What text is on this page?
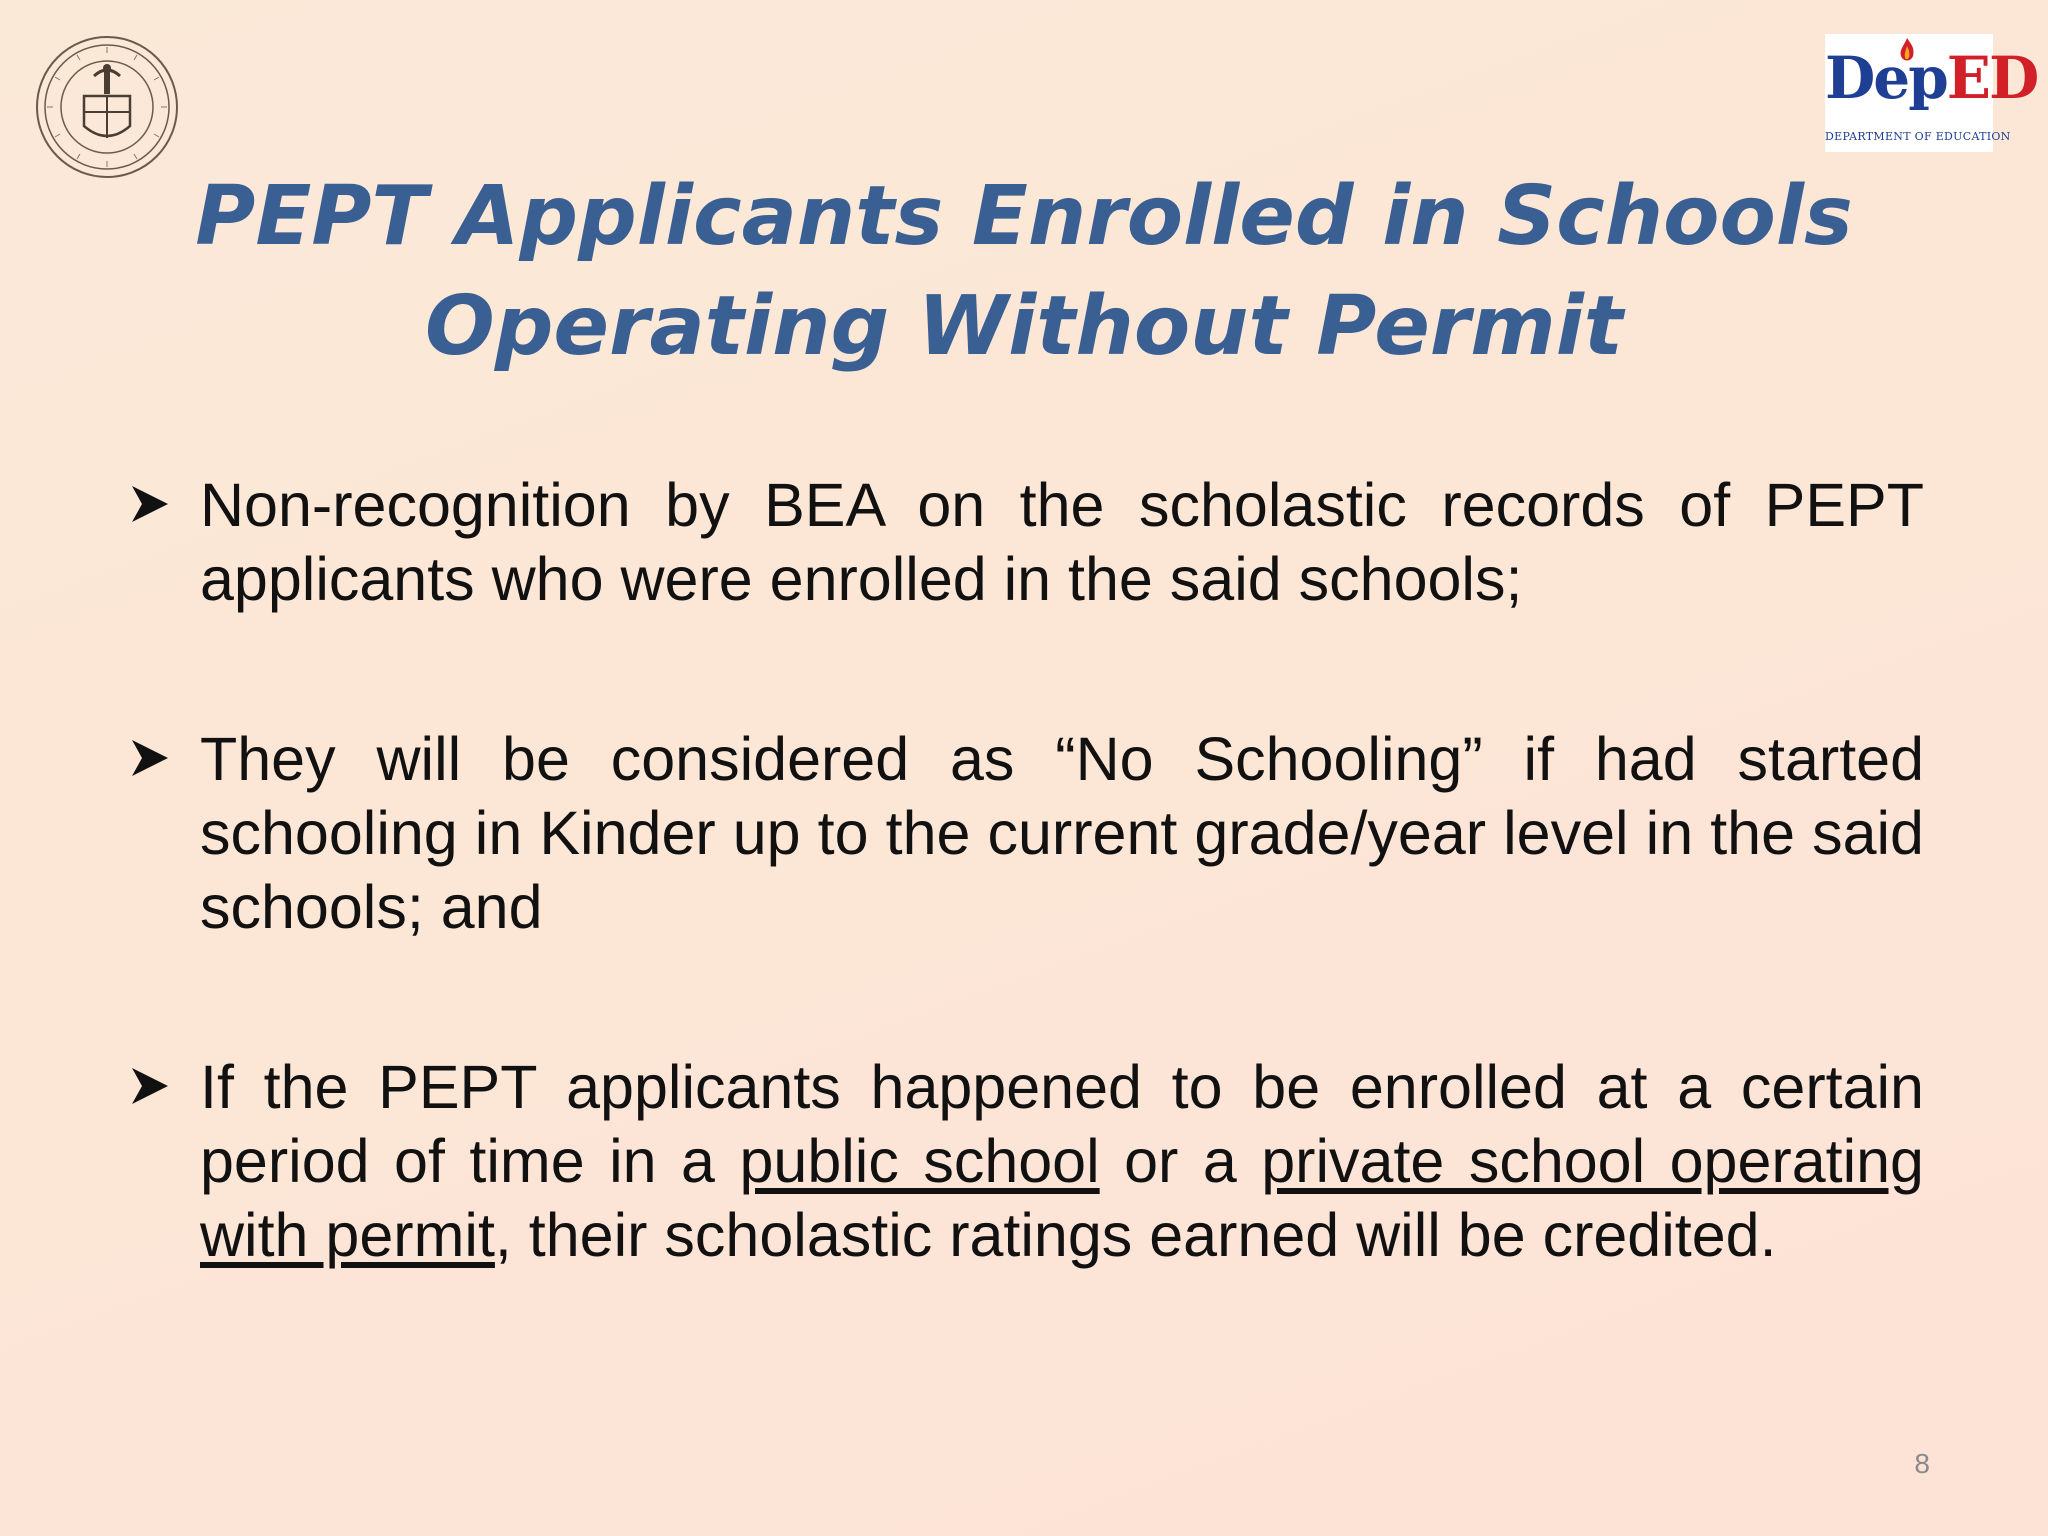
DepED
DEPARTMENT OF EDUCATION
PEPT Applicants Enrolled in Schools
Operating Without Permit
Non-recognition by BEA on the scholastic records of PEPT applicants who were enrolled in the said schools;
They will be considered as “No Schooling” if had started schooling in Kinder up to the current grade/year level in the said schools; and
If the PEPT applicants happened to be enrolled at a certain period of time in a public school or a private school operating with permit, their scholastic ratings earned will be credited.
8
